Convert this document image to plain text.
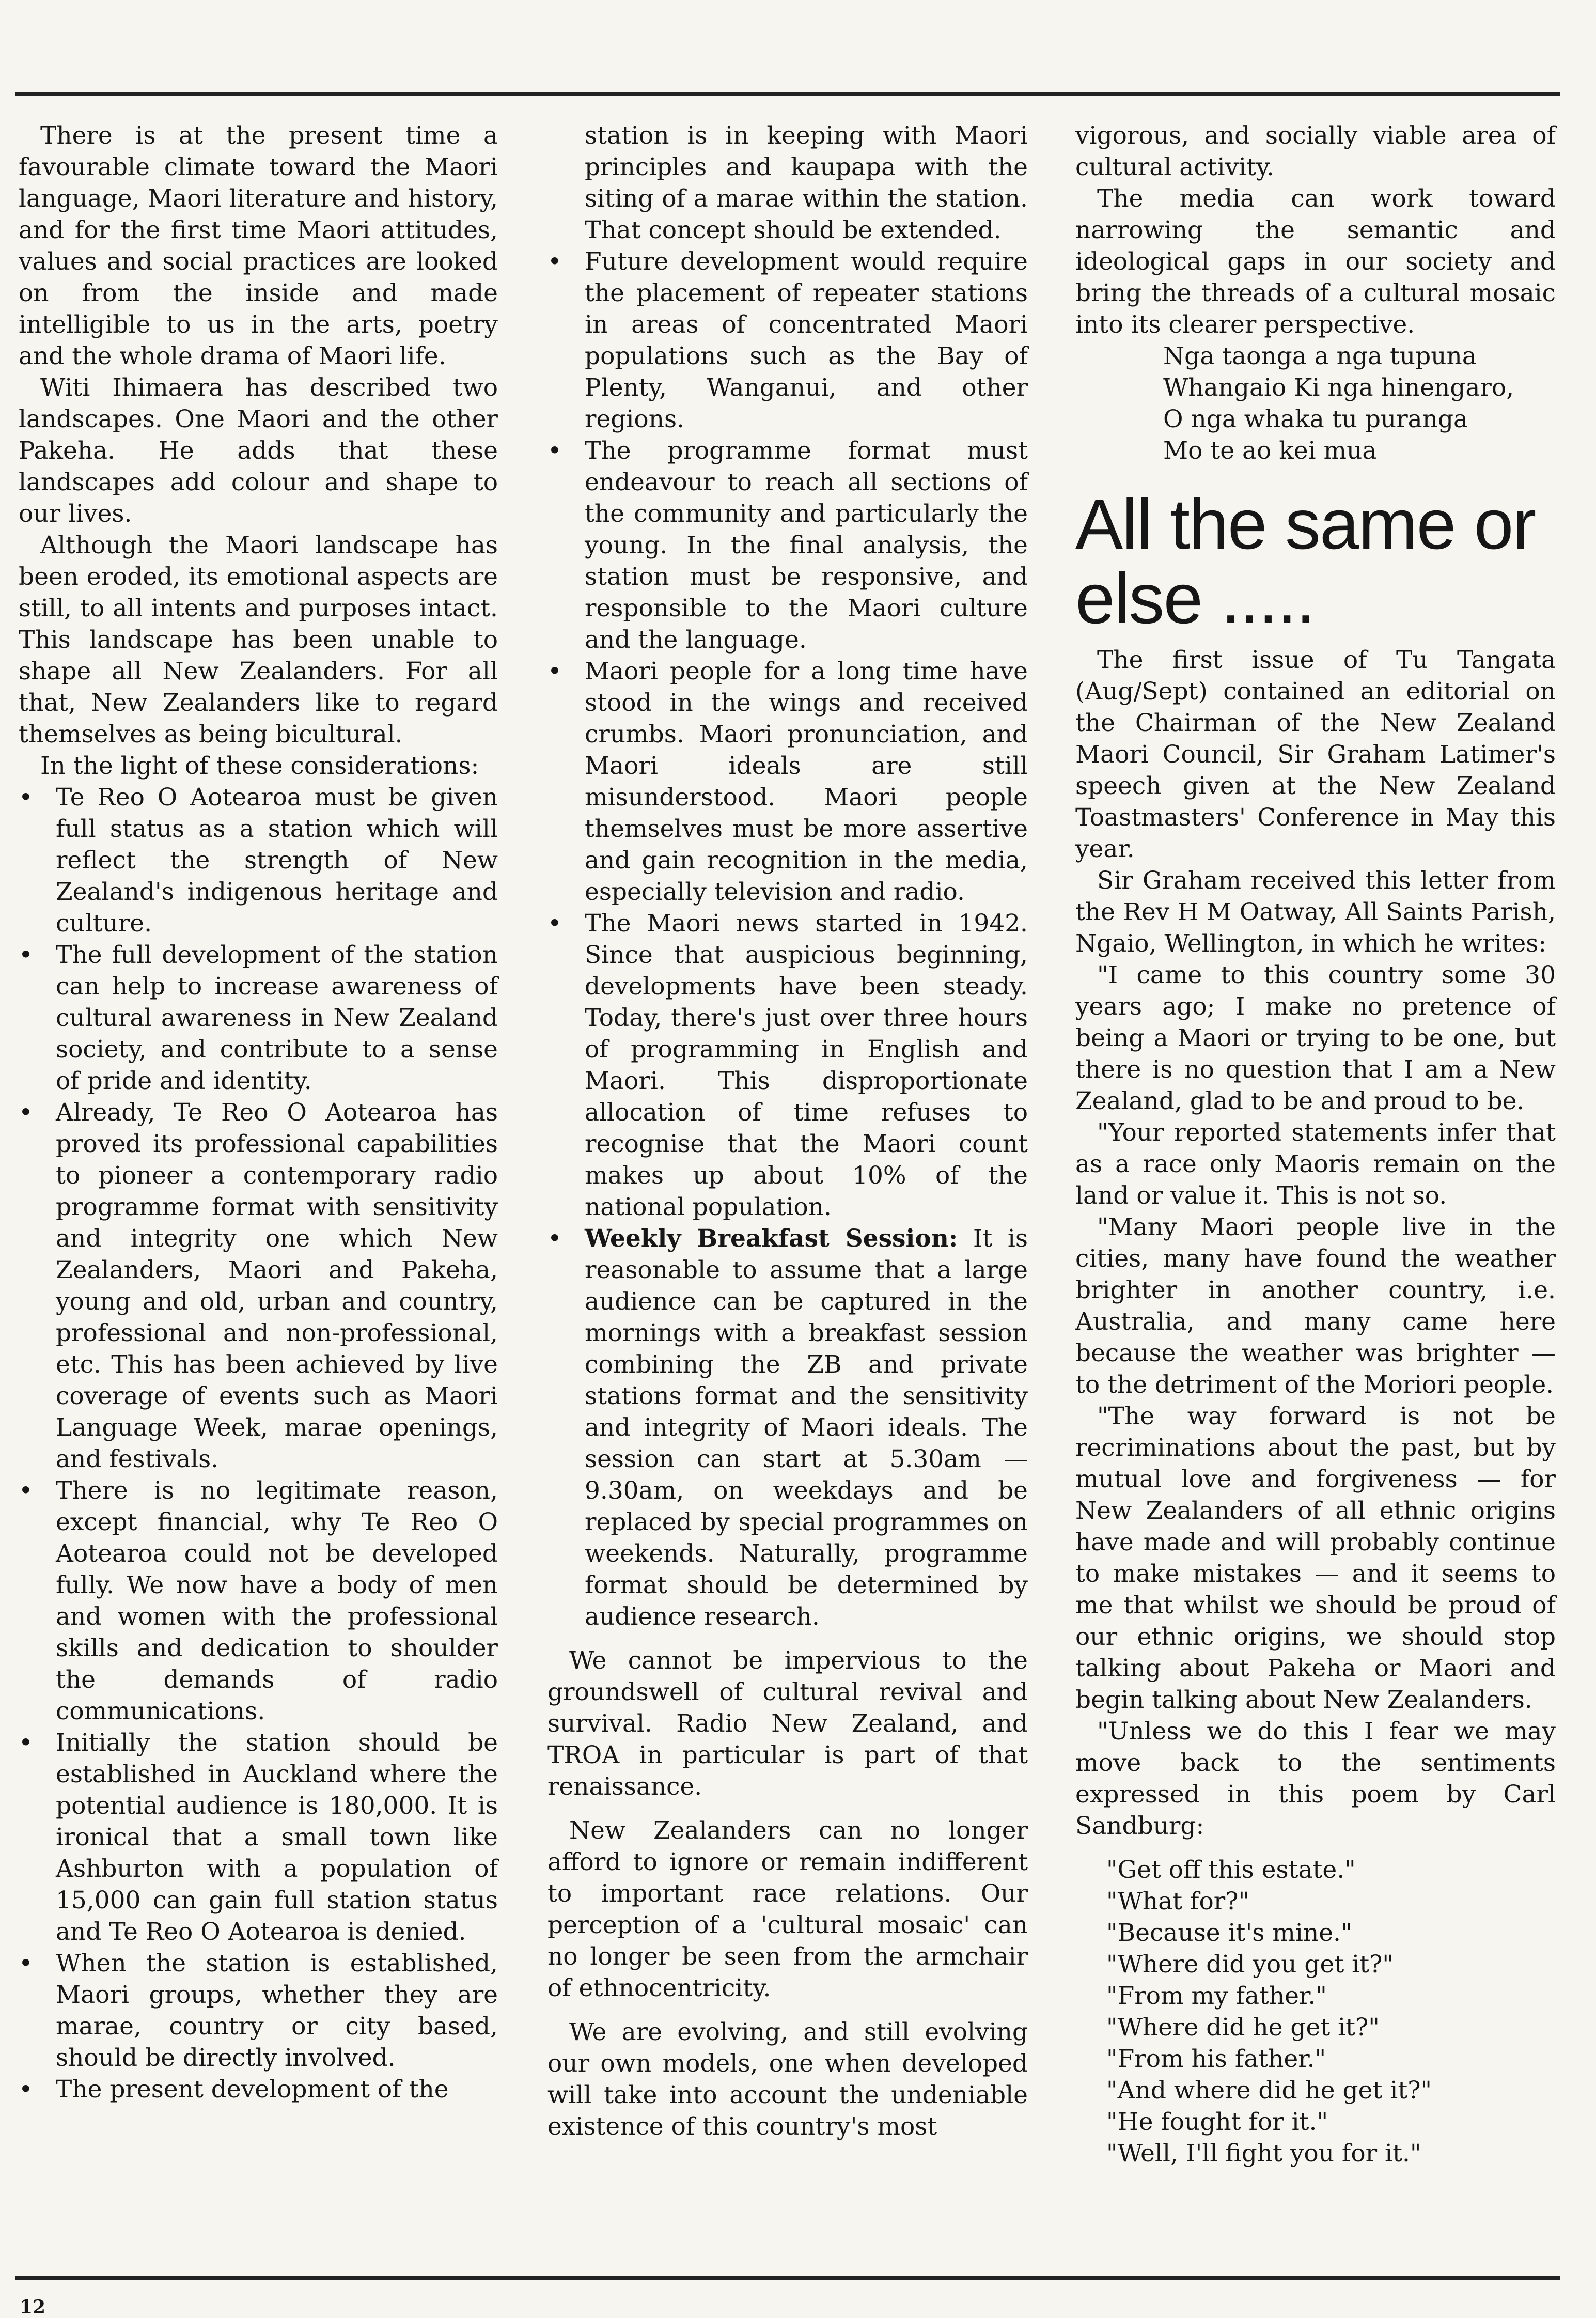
There is at the present time a favourable climate toward the Maori language, Maori literature and history, and for the first time Maori attitudes, values and social practices are looked on from the inside and made intelligible to us in the arts, poetry and the whole drama of Maori life.

Witi Ihimaera has described two landscapes. One Maori and the other Pakeha. He adds that these landscapes add colour and shape to our lives.

Although the Maori landscape has been eroded, its emotional aspects are still, to all intents and purposes intact. This landscape has been unable to shape all New Zealanders. For all that, New Zealanders like to regard themselves as being bicultural.

In the light of these considerations:

• Te Reo O Aotearoa must be given full status as a station which will reflect the strength of New Zealand's indigenous heritage and culture.
• The full development of the station can help to increase awareness of cultural awareness in New Zealand society, and contribute to a sense of pride and identity.
• Already, Te Reo O Aotearoa has proved its professional capabilities to pioneer a contemporary radio programme format with sensitivity and integrity one which New Zealanders, Maori and Pakeha, young and old, urban and country, professional and non-professional, etc. This has been achieved by live coverage of events such as Maori Language Week, marae openings, and festivals.
• There is no legitimate reason, except financial, why Te Reo O Aotearoa could not be developed fully. We now have a body of men and women with the professional skills and dedication to shoulder the demands of radio communications.
• Initially the station should be established in Auckland where the potential audience is 180,000. It is ironical that a small town like Ashburton with a population of 15,000 can gain full station status and Te Reo O Aotearoa is denied.
• When the station is established, Maori groups, whether they are marae, country or city based, should be directly involved.
• The present development of the

station is in keeping with Maori principles and kaupapa with the siting of a marae within the station. That concept should be extended.

• Future development would require the placement of repeater stations in areas of concentrated Maori populations such as the Bay of Plenty, Wanganui, and other regions.
• The programme format must endeavour to reach all sections of the community and particularly the young. In the final analysis, the station must be responsive, and responsible to the Maori culture and the language.
• Maori people for a long time have stood in the wings and received crumbs. Maori pronunciation, and Maori ideals are still misunderstood. Maori people themselves must be more assertive and gain recognition in the media, especially television and radio.
• The Maori news started in 1942. Since that auspicious beginning, developments have been steady. Today, there's just over three hours of programming in English and Maori. This disproportionate allocation of time refuses to recognise that the Maori count makes up about 10% of the national population.
• Weekly Breakfast Session: It is reasonable to assume that a large audience can be captured in the mornings with a breakfast session combining the ZB and private stations format and the sensitivity and integrity of Maori ideals. The session can start at 5.30am — 9.30am, on weekdays and be replaced by special programmes on weekends. Naturally, programme format should be determined by audience research.

We cannot be impervious to the groundswell of cultural revival and survival. Radio New Zealand, and TROA in particular is part of that renaissance.

New Zealanders can no longer afford to ignore or remain indifferent to important race relations. Our perception of a 'cultural mosaic' can no longer be seen from the armchair of ethnocentricity.

We are evolving, and still evolving our own models, one when developed will take into account the undeniable existence of this country's most

vigorous, and socially viable area of cultural activity.

The media can work toward narrowing the semantic and ideological gaps in our society and bring the threads of a cultural mosaic into its clearer perspective.

Nga taonga a nga tupuna
Whangaio Ki nga hinengaro,
O nga whaka tu puranga
Mo te ao kei mua
All the same or else .....

The first issue of Tu Tangata (Aug/Sept) contained an editorial on the Chairman of the New Zealand Maori Council, Sir Graham Latimer's speech given at the New Zealand Toastmasters' Conference in May this year.

Sir Graham received this letter from the Rev H M Oatway, All Saints Parish, Ngaio, Wellington, in which he writes:

"I came to this country some 30 years ago; I make no pretence of being a Maori or trying to be one, but there is no question that I am a New Zealand, glad to be and proud to be.

"Your reported statements infer that as a race only Maoris remain on the land or value it. This is not so.

"Many Maori people live in the cities, many have found the weather brighter in another country, i.e. Australia, and many came here because the weather was brighter — to the detriment of the Moriori people.

"The way forward is not be recriminations about the past, but by mutual love and forgiveness — for New Zealanders of all ethnic origins have made and will probably continue to make mistakes — and it seems to me that whilst we should be proud of our ethnic origins, we should stop talking about Pakeha or Maori and begin talking about New Zealanders.

"Unless we do this I fear we may move back to the sentiments expressed in this poem by Carl Sandburg:

"Get off this estate."
"What for?"
"Because it's mine."
"Where did you get it?"
"From my father."
"Where did he get it?"
"From his father."
"And where did he get it?"
"He fought for it."
"Well, I'll fight you for it."
12
